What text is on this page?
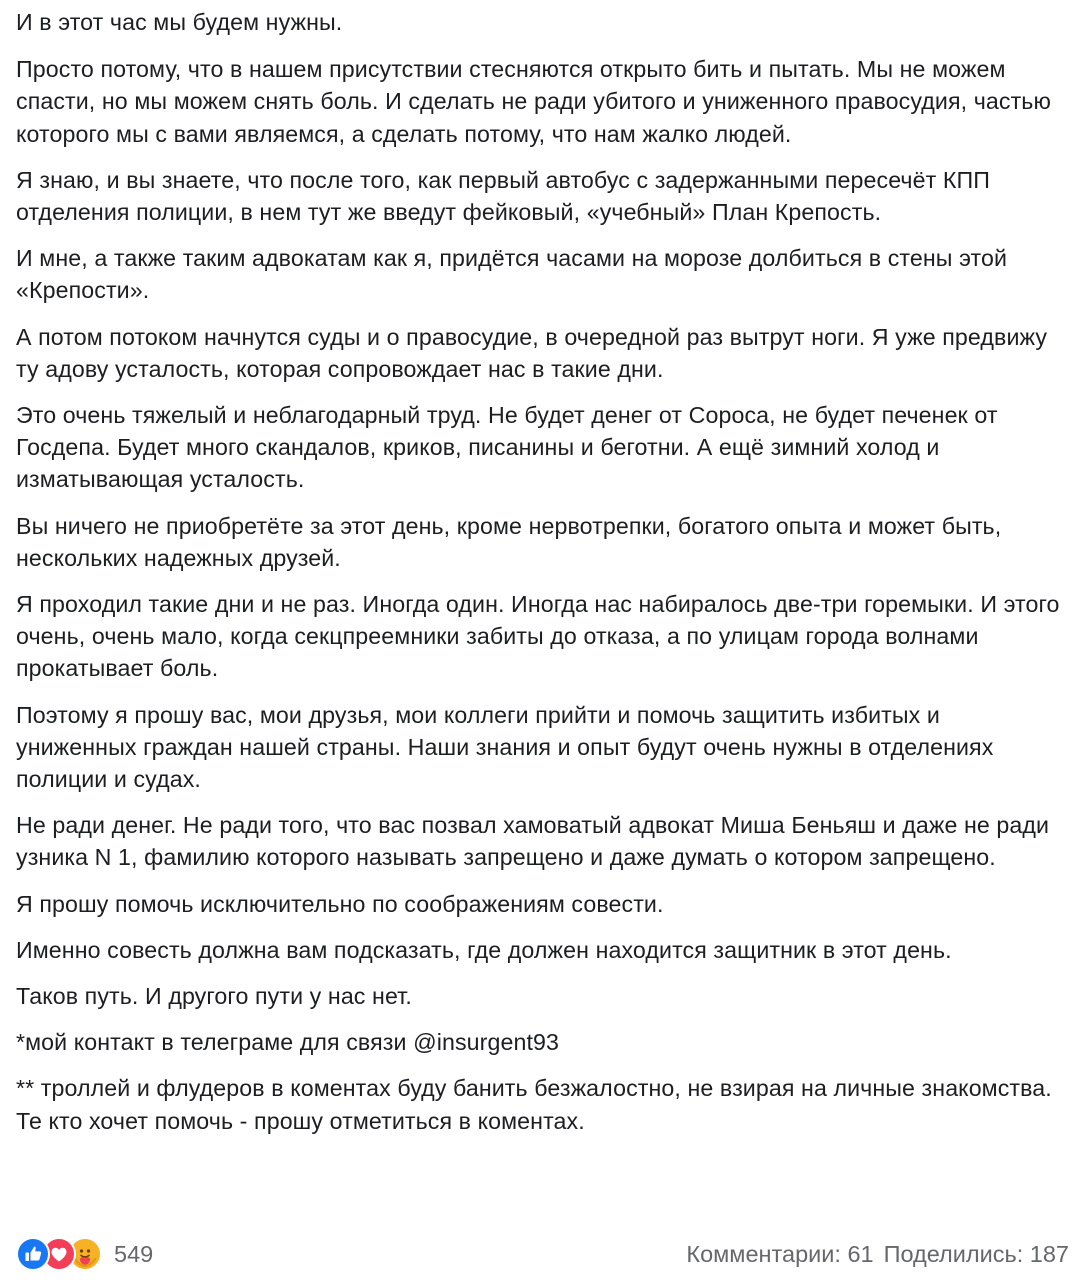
И в этот час мы будем нужны.

Просто потому, что в нашем присутствии стесняются открыто бить и пытать. Мы не можем спасти, но мы можем снять боль. И сделать не ради убитого и униженного правосудия, частью которого мы с вами являемся, а сделать потому, что нам жалко людей.

Я знаю, и вы знаете, что после того, как первый автобус с задержанными пересечёт КПП отделения полиции, в нем тут же введут фейковый, «учебный» План Крепость.

И мне, а также таким адвокатам как я, придётся часами на морозе долбиться в стены этой «Крепости».

А потом потоком начнутся суды и о правосудие, в очередной раз вытрут ноги. Я уже предвижу ту адову усталость, которая сопровождает нас в такие дни.

Это очень тяжелый и неблагодарный труд. Не будет денег от Сороса, не будет печенек от Госдепа. Будет много скандалов, криков, писанины и беготни. А ещё зимний холод и изматывающая усталость.

Вы ничего не приобретёте за этот день, кроме нервотрепки, богатого опыта и может быть, нескольких надежных друзей.

Я проходил такие дни и не раз. Иногда один. Иногда нас набиралось две-три горемыки. И этого очень, очень мало, когда секцпреемники забиты до отказа, а по улицам города волнами прокатывает боль.

Поэтому я прошу вас, мои друзья, мои коллеги прийти и помочь защитить избитых и униженных граждан нашей страны. Наши знания и опыт будут очень нужны в отделениях полиции и судах.

Не ради денег. Не ради того, что вас позвал хамоватый адвокат Миша Беньяш и даже не ради узника N 1, фамилию которого называть запрещено и даже думать о котором запрещено.

Я прошу помочь исключительно по соображениям совести.

Именно совесть должна вам подсказать, где должен находится защитник в этот день.

Таков путь. И другого пути у нас нет.

*мой контакт в телеграме для связи @insurgent93

** троллей и флудеров в коментах буду банить безжалостно, не взирая на личные знакомства. Те кто хочет помочь - прошу отметиться в коментах.

549	Комментарии: 61 Поделились: 187
